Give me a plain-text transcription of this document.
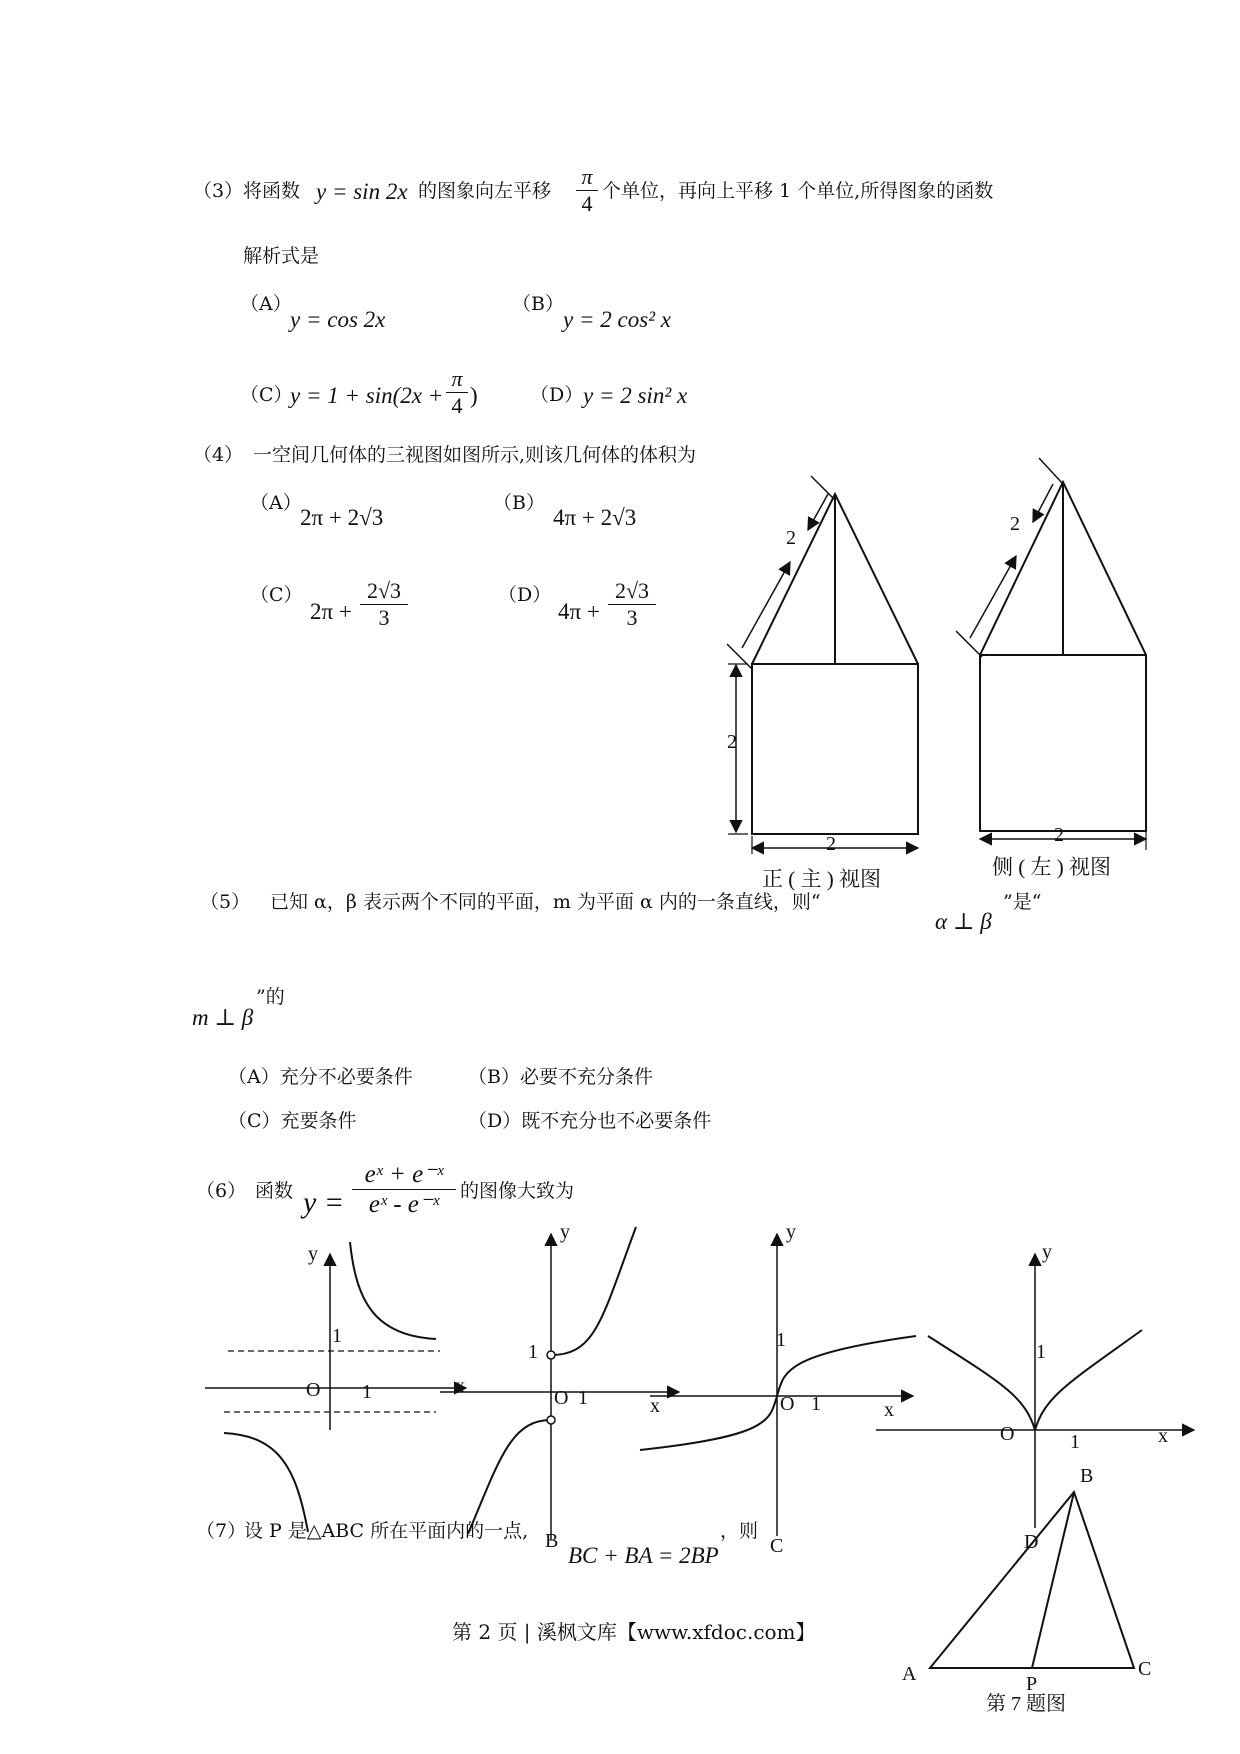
（3） 将函数 y = sin 2x 的图象向左平移
π
4 个单位，再向上平移 1 个单位,所得图象的函数
解析式是
（A）
y = cos 2x
（B）
y = 2 cos² x
（C）
y = 1 + sin(2x +
π
4 )	（D） y = 2 sin² x
（4） 一空间几何体的三视图如图所示,则该几何体的体积为
（A）
2π + 2√3
（B）
4π + 2√3
（C）
2π +
2√3
3
（D）
4π +
2√3
3
（5） 已知 α，β 表示两个不同的平面，m 为平面 α 内的一条直线，则“
α ⊥ β
”是“
m ⊥ β
”的
（A）充分不必要条件	（B）必要不充分条件
（C）充要条件	（D）既不充分也不必要条件
（6） 函数 y =
eˣ + e⁻ˣ
eˣ - e⁻ˣ	的图像大致为
（7）
设 P 是△ABC 所在平面内的一点,
BC + BA = 2BP
，则
第 2 页 | 溪枫文库【www.xfdoc.com】
2
2
2
2
2
正 ( 主 ) 视图	侧 ( 左 ) 视图
y
1
O 1	x
y
1
O 1	x
y
1
O 1	x
y
1
O	1	x
B
D
A	P
C
B	C
第 7 题图
